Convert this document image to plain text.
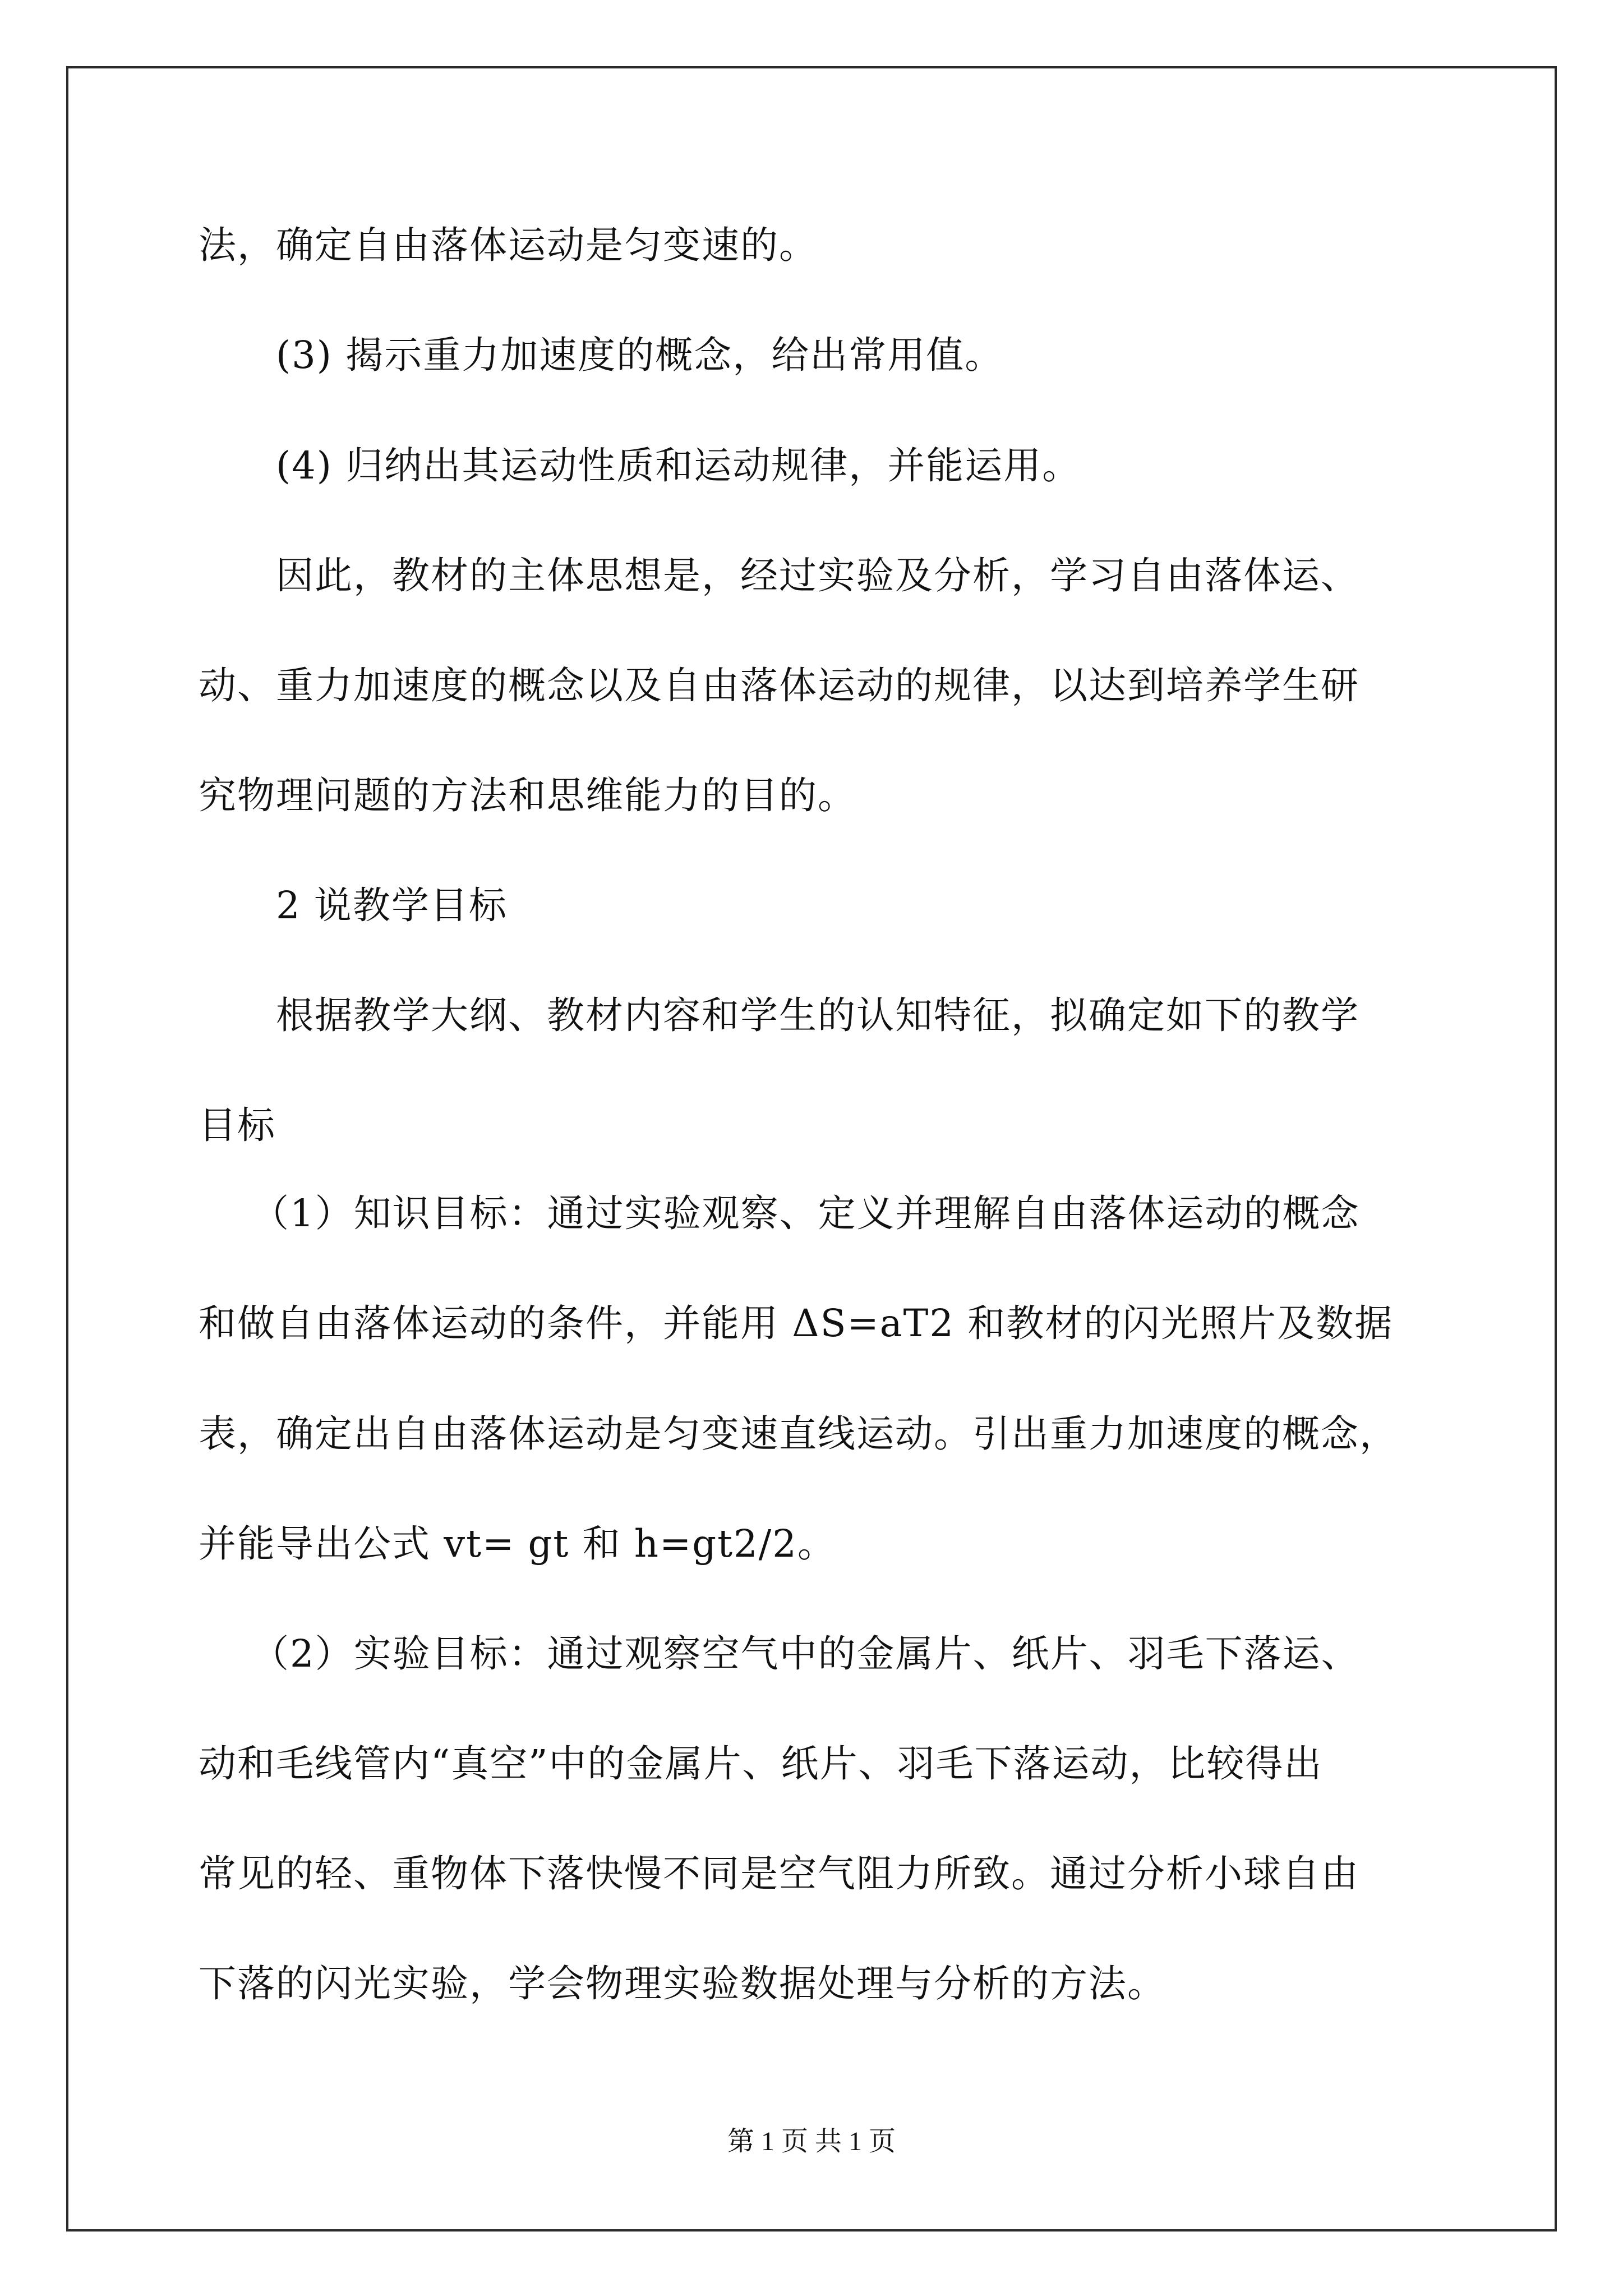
法，确定自由落体运动是匀变速的。
(3) 揭示重力加速度的概念，给出常用值。
(4) 归纳出其运动性质和运动规律，并能运用。
因此，教材的主体思想是，经过实验及分析，学习自由落体运、
动、重力加速度的概念以及自由落体运动的规律，以达到培养学生研
究物理问题的方法和思维能力的目的。
2 说教学目标
根据教学大纲、教材内容和学生的认知特征，拟确定如下的教学
目标
（1）知识目标：通过实验观察、定义并理解自由落体运动的概念
和做自由落体运动的条件，并能用 ΔS=aT2 和教材的闪光照片及数据
表，确定出自由落体运动是匀变速直线运动。引出重力加速度的概念，
并能导出公式 vt= gt 和 h=gt2/2。
（2）实验目标：通过观察空气中的金属片、纸片、羽毛下落运、
动和毛线管内“真空”中的金属片、纸片、羽毛下落运动，比较得出
常见的轻、重物体下落快慢不同是空气阻力所致。通过分析小球自由
下落的闪光实验，学会物理实验数据处理与分析的方法。
第 1 页 共 1 页
